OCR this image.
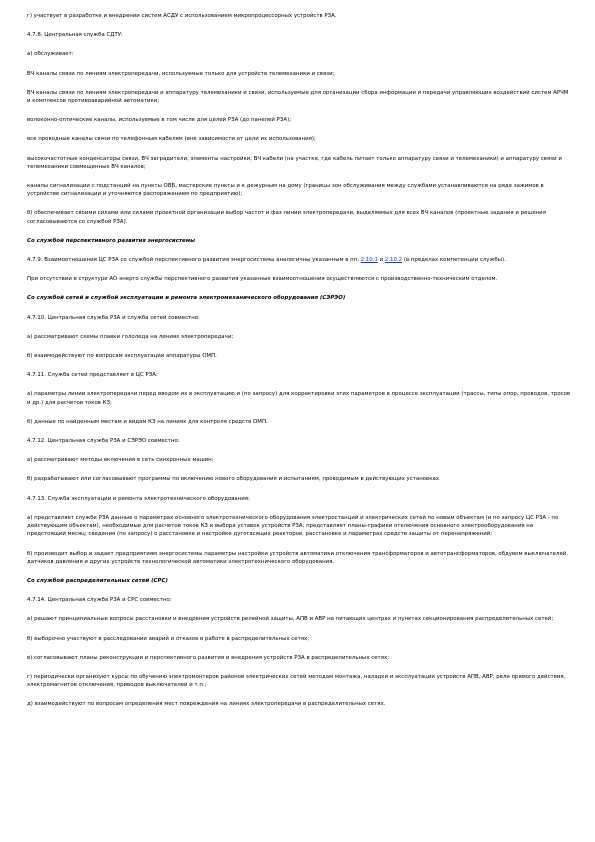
г) участвует в разработке и внедрении систем АСДУ с использованием микропроцессорных устройств РЗА.

4.7.8. Центральная служба СДТУ:

а) обслуживает:

ВЧ каналы связи по линиям электропередачи, используемые только для устройств телемеханики и связи;

ВЧ каналы связи по линиям электропередачи и аппаратуру телемеханики и связи, используемые для организации сбора информации и передачи управляющих воздействий систем АРЧМ и комплексов противоаварийной автоматики;

волоконно-оптические каналы, используемые в том числе для целей РЗА (до панелей РЗА);

все проводные каналы связи по телефонным кабелям (вне зависимости от цели их использования);

высокочастотные конденсаторы связи, ВЧ заградители, элементы настройки, ВЧ кабели (на участке, где кабель питает только аппаратуру связи и телемеханики) и аппаратуру связи и телемеханики совмещенных ВЧ каналов;

каналы сигнализации с подстанций на пункты ОВБ, мастерские пункты и к дежурным на дому (границы зон обслуживания между службами устанавливаются на ряде зажимов в устройстве сигнализации и уточняются распоряжением по предприятию);

б) обеспечивает своими силами или силами проектной организации выбор частот и фаз линии электропередачи, выделяемых для всех ВЧ каналов (проектные задания и решения согласовываются со службой РЗА).

Со службой перспективного развития энергосистемы

4.7.9. Взаимоотношения ЦС РЗА со службой перспективного развития энергосистемы аналогичны указанным в пп. 2.10.1 и 2.10.2 (в пределах компетенции службы).

При отсутствии в структуре АО-энерго службы перспективного развития указанные взаимоотношения осуществляются с производственно-техническим отделом.

Со службой сетей и службой эксплуатации и ремонта электромеханического оборудования (СЭРЭО)

4.7.10. Центральная служба РЗА и служба сетей совместно:

а) рассматривают схемы плавки гололеда на линиях электропередачи;

б) взаимодействуют по вопросам эксплуатации аппаратуры ОМП.

4.7.11. Служба сетей представляет в ЦС РЗА:

а) параметры линии электропередачи перед вводом их в эксплуатацию и (по запросу) для корректировки этих параметров в процессе эксплуатации (трассы, типы опор, проводов, тросов и др.) для расчетов токов КЗ;

б) данные по найденным местам и видам КЗ на линиях для контроля средств ОМП.

4.7.12. Центральная служба РЗА и СЭРЭО совместно:

а) рассматривают методы включения в сеть синхронных машин;

б) разрабатывают или согласовывают программы по включению нового оборудования и испытаниям, проводимым в действующих установках.

4.7.13. Служба эксплуатации и ремонта электротехнического оборудования:

а) представляет службе РЗА данные о параметрах основного электротехнического оборудования электростанций и электрических сетей по новым объектам (и по запросу ЦС РЗА - по действующим объектам), необходимые для расчетов токов КЗ и выбора уставок устройств РЗА; представляет планы-графики отключения основного электрооборудования на предстоящий месяц; сведения (по запросу) о расстановке и настройке дугогасящих реакторов, расстановке и параметрах средств защиты от перенапряжений;

б) производит выбор и задает предприятиям энергосистемы параметры настройки устройств автоматики отключения трансформаторов и автотрансформаторов, обдувом выключателей, датчиков давления и других устройств технологической автоматики электротехнического оборудования.

Со службой распределительных сетей (СРС)

4.7.14. Центральная служба РЗА и СРС совместно:

а) решают принципиальные вопросы расстановки и внедрения устройств релейной защиты, АПВ и АВР на питающих центрах и пунктах секционирования распределительных сетей;

б) выборочно участвуют в расследовании аварий и отказов в работе в распределительных сетях;

в) согласовывают планы реконструкции и перспективного развития и внедрения устройств РЗА в распределительных сетях;

г) периодически организуют курсы по обучению электромонтеров районов электрических сетей методам монтажа, наладки и эксплуатации устройств АПВ, АВР, реле прямого действия, электромагнитов отключения, приводов выключателей и т.п.;

д) взаимодействуют по вопросам определения мест повреждения на линиях электропередачи в распределительных сетях.
